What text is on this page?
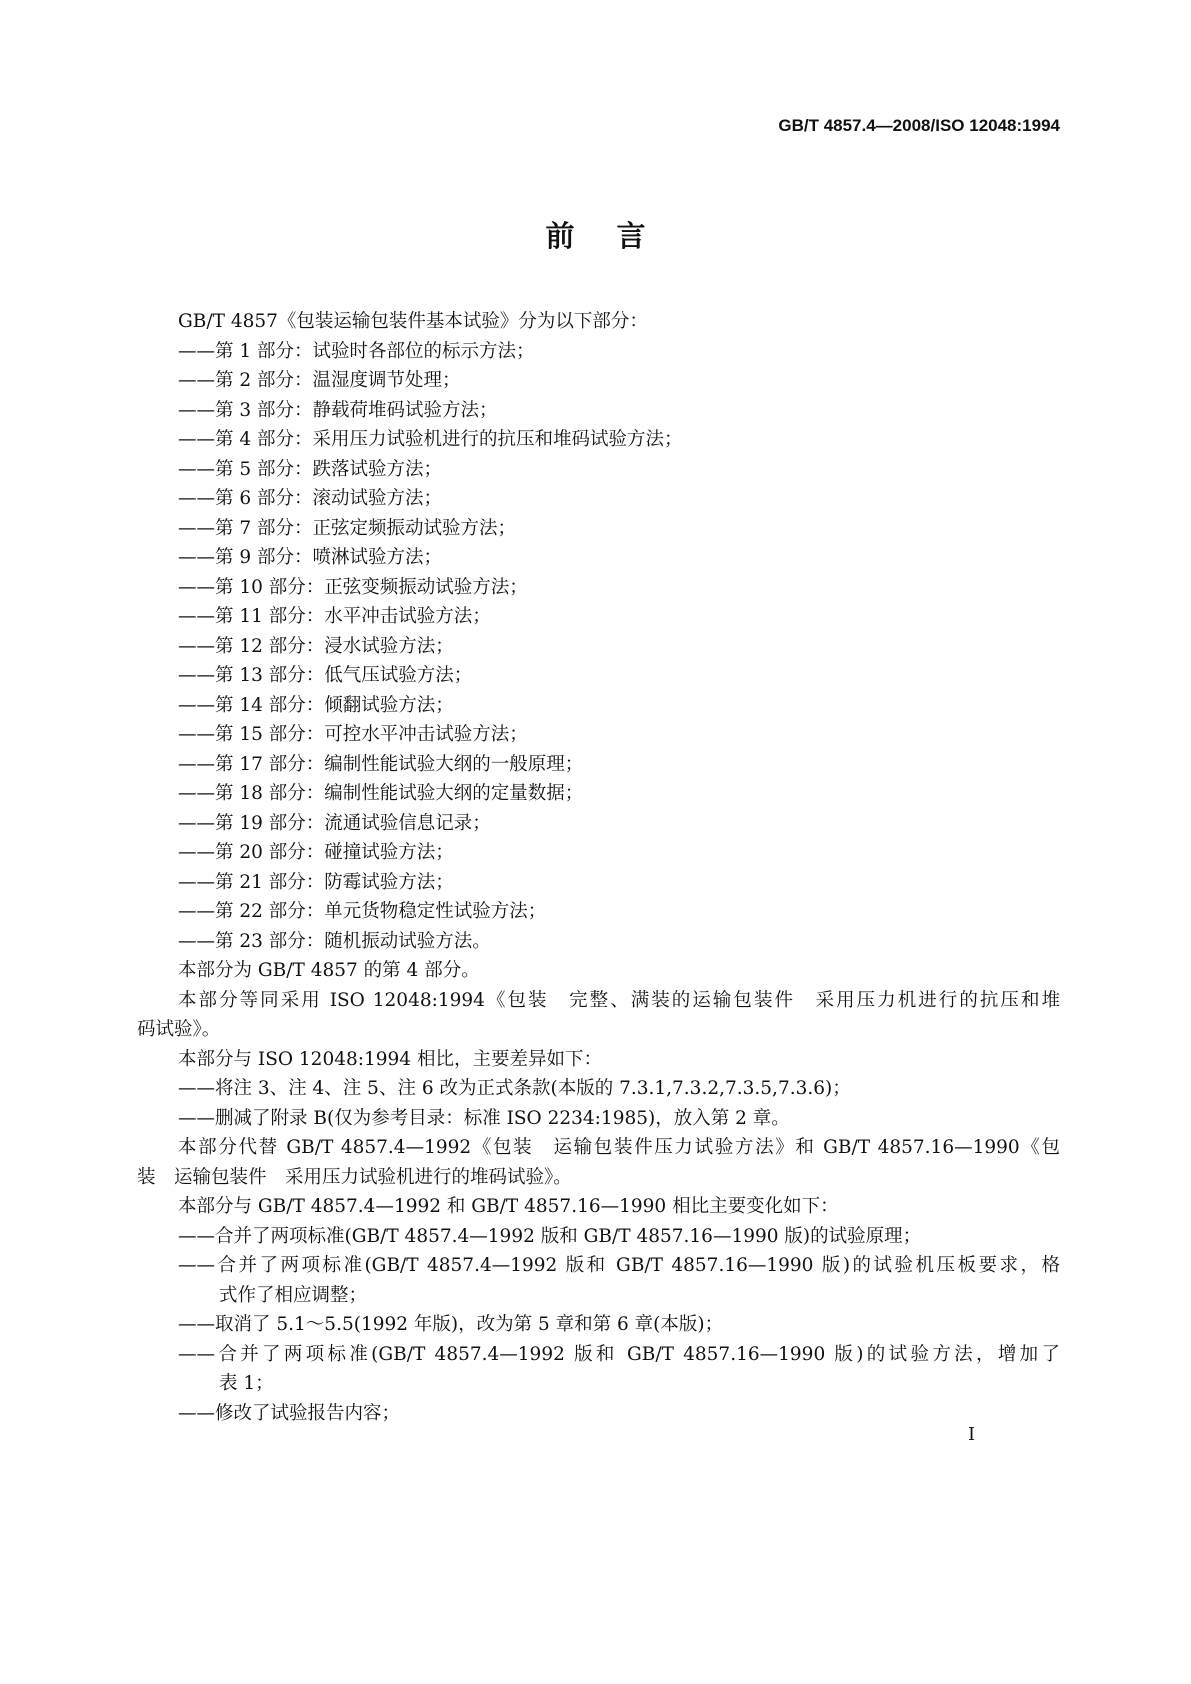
GB/T 4857.4—2008/ISO 12048:1994
前言
GB/T 4857《包装运输包装件基本试验》分为以下部分：
——第 1 部分：试验时各部位的标示方法；
——第 2 部分：温湿度调节处理；
——第 3 部分：静载荷堆码试验方法；
——第 4 部分：采用压力试验机进行的抗压和堆码试验方法；
——第 5 部分：跌落试验方法；
——第 6 部分：滚动试验方法；
——第 7 部分：正弦定频振动试验方法；
——第 9 部分：喷淋试验方法；
——第 10 部分：正弦变频振动试验方法；
——第 11 部分：水平冲击试验方法；
——第 12 部分：浸水试验方法；
——第 13 部分：低气压试验方法；
——第 14 部分：倾翻试验方法；
——第 15 部分：可控水平冲击试验方法；
——第 17 部分：编制性能试验大纲的一般原理；
——第 18 部分：编制性能试验大纲的定量数据；
——第 19 部分：流通试验信息记录；
——第 20 部分：碰撞试验方法；
——第 21 部分：防霉试验方法；
——第 22 部分：单元货物稳定性试验方法；
——第 23 部分：随机振动试验方法。
本部分为 GB/T 4857 的第 4 部分。
本部分等同采用 ISO 12048:1994《包装　完整、满装的运输包装件　采用压力机进行的抗压和堆
码试验》。
本部分与 ISO 12048:1994 相比，主要差异如下：
——将注 3、注 4、注 5、注 6 改为正式条款(本版的 7.3.1,7.3.2,7.3.5,7.3.6)；
——删减了附录 B(仅为参考目录：标准 ISO 2234:1985)，放入第 2 章。
本部分代替 GB/T 4857.4—1992《包装　运输包装件压力试验方法》和 GB/T 4857.16—1990《包
装　运输包装件　采用压力试验机进行的堆码试验》。
本部分与 GB/T 4857.4—1992 和 GB/T 4857.16—1990 相比主要变化如下：
——合并了两项标准(GB/T 4857.4—1992 版和 GB/T 4857.16—1990 版)的试验原理；
——合并了两项标准(GB/T 4857.4—1992 版和 GB/T 4857.16—1990 版)的试验机压板要求，格
式作了相应调整；
——取消了 5.1～5.5(1992 年版)，改为第 5 章和第 6 章(本版)；
——合并了两项标准(GB/T 4857.4—1992 版和 GB/T 4857.16—1990 版)的试验方法，增加了
表 1；
——修改了试验报告内容；
I
